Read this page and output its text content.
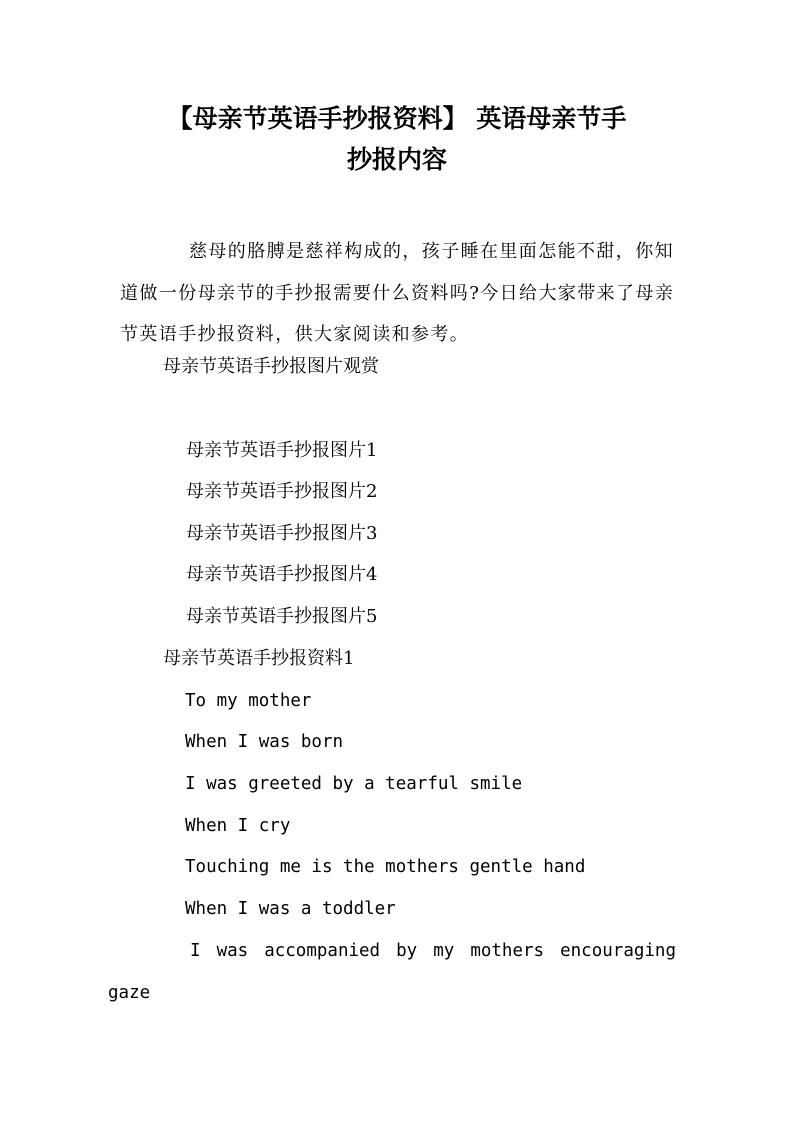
【母亲节英语手抄报资料】 英语母亲节手
抄报内容

慈母的胳膊是慈祥构成的，孩子睡在里面怎能不甜，你知道做一份母亲节的手抄报需要什么资料吗?今日给大家带来了母亲节英语手抄报资料，供大家阅读和参考。

母亲节英语手抄报图片观赏
母亲节英语手抄报图片1
母亲节英语手抄报图片2
母亲节英语手抄报图片3
母亲节英语手抄报图片4
母亲节英语手抄报图片5
母亲节英语手抄报资料1
To my mother
When I was born
I was greeted by a tearful smile
When I cry
Touching me is the mothers gentle hand
When I was a toddler
I was accompanied by my mothers encouraging
gaze
